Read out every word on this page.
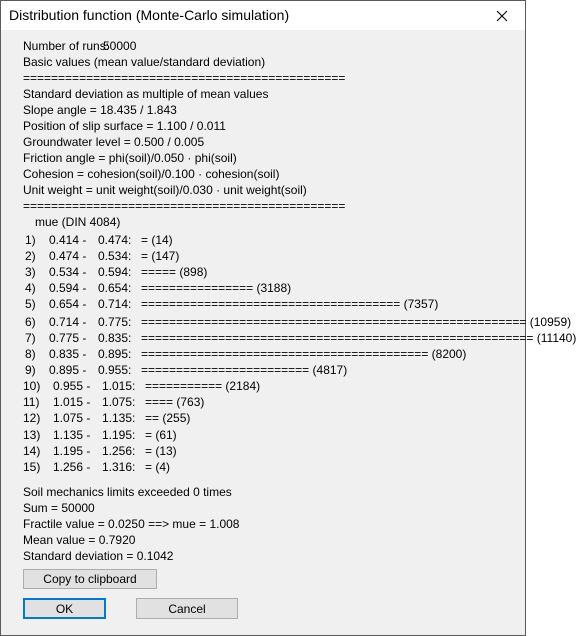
Distribution function (Monte-Carlo simulation)
Number of runs:
50000
Basic values (mean value/standard deviation)
==============================================
Standard deviation as multiple of mean values
Slope angle = 18.435 / 1.843
Position of slip surface = 1.100 / 0.011
Groundwater level = 0.500 / 0.005
Friction angle = phi(soil)/0.050 · phi(soil)
Cohesion = cohesion(soil)/0.100 · cohesion(soil)
Unit weight = unit weight(soil)/0.030 · unit weight(soil)
==============================================
mue (DIN 4084)
1) 0.414 - 0.474: = (14)
2) 0.474 - 0.534: = (147)
3) 0.534 - 0.594: ===== (898)
4) 0.594 - 0.654: ================ (3188)
5) 0.654 - 0.714: ===================================== (7357)
6) 0.714 - 0.775: ======================================================= (10959)
7) 0.775 - 0.835: ======================================================== (11140)
8) 0.835 - 0.895: ========================================= (8200)
9) 0.895 - 0.955: ======================== (4817)
10) 0.955 - 1.015: =========== (2184)
11) 1.015 - 1.075: ==== (763)
12) 1.075 - 1.135: == (255)
13) 1.135 - 1.195: = (61)
14) 1.195 - 1.256: = (13)
15) 1.256 - 1.316: = (4)
Soil mechanics limits exceeded 0 times
Sum = 50000
Fractile value = 0.0250 ==> mue = 1.008
Mean value = 0.7920
Standard deviation = 0.1042
Copy to clipboard
OK	Cancel
